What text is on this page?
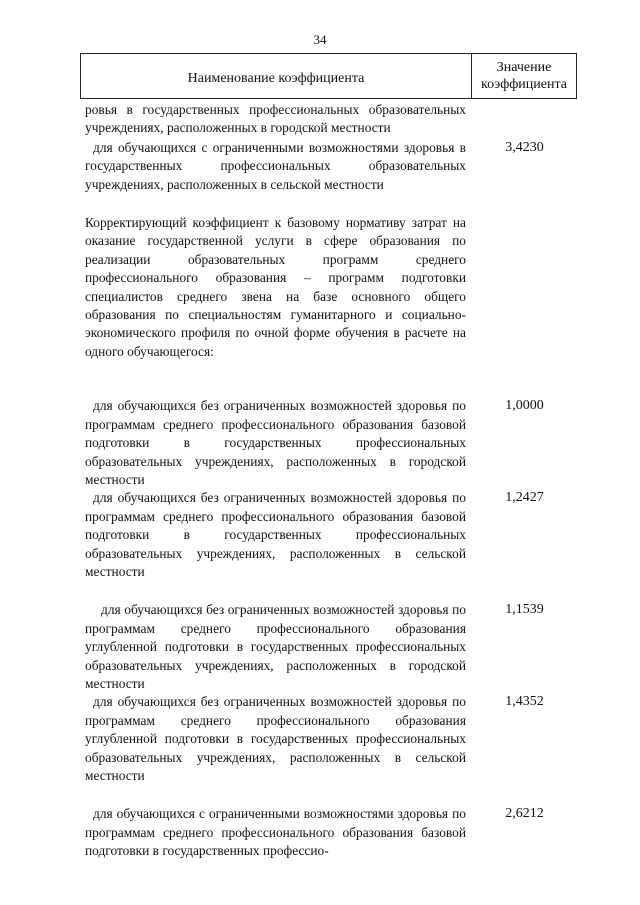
34
Наименование коэффициента
Значение
коэффициента
ровья в государственных профессиональных образовательных учреждениях, расположенных в городской местности
для обучающихся с ограниченными возможностями здоровья в государственных профессиональных образовательных учреждениях, расположенных в сельской местности
3,4230
Корректирующий коэффициент к базовому нормативу затрат на оказание государственной услуги в сфере образования по реализации образовательных программ среднего профессионального образования – программ подготовки специалистов среднего звена на базе основного общего образования по специальностям гуманитарного и социально-экономического профиля по очной форме обучения в расчете на одного обучающегося:
для обучающихся без ограниченных возможностей здоровья по программам среднего профессионального образования базовой подготовки в государственных профессиональных образовательных учреждениях, расположенных в городской местности
1,0000
для обучающихся без ограниченных возможностей здоровья по программам среднего профессионального образования базовой подготовки в государственных профессиональных образовательных учреждениях, расположенных в сельской местности
1,2427
для обучающихся без ограниченных возможностей здоровья по программам среднего профессионального образования углубленной подготовки в государственных профессиональных образовательных учреждениях, расположенных в городской местности
1,1539
для обучающихся без ограниченных возможностей здоровья по программам среднего профессионального образования углубленной подготовки в государственных профессиональных образовательных учреждениях, расположенных в сельской местности
1,4352
для обучающихся с ограниченными возможностями здоровья по программам среднего профессионального образования базовой подготовки в государственных профессио-
2,6212
